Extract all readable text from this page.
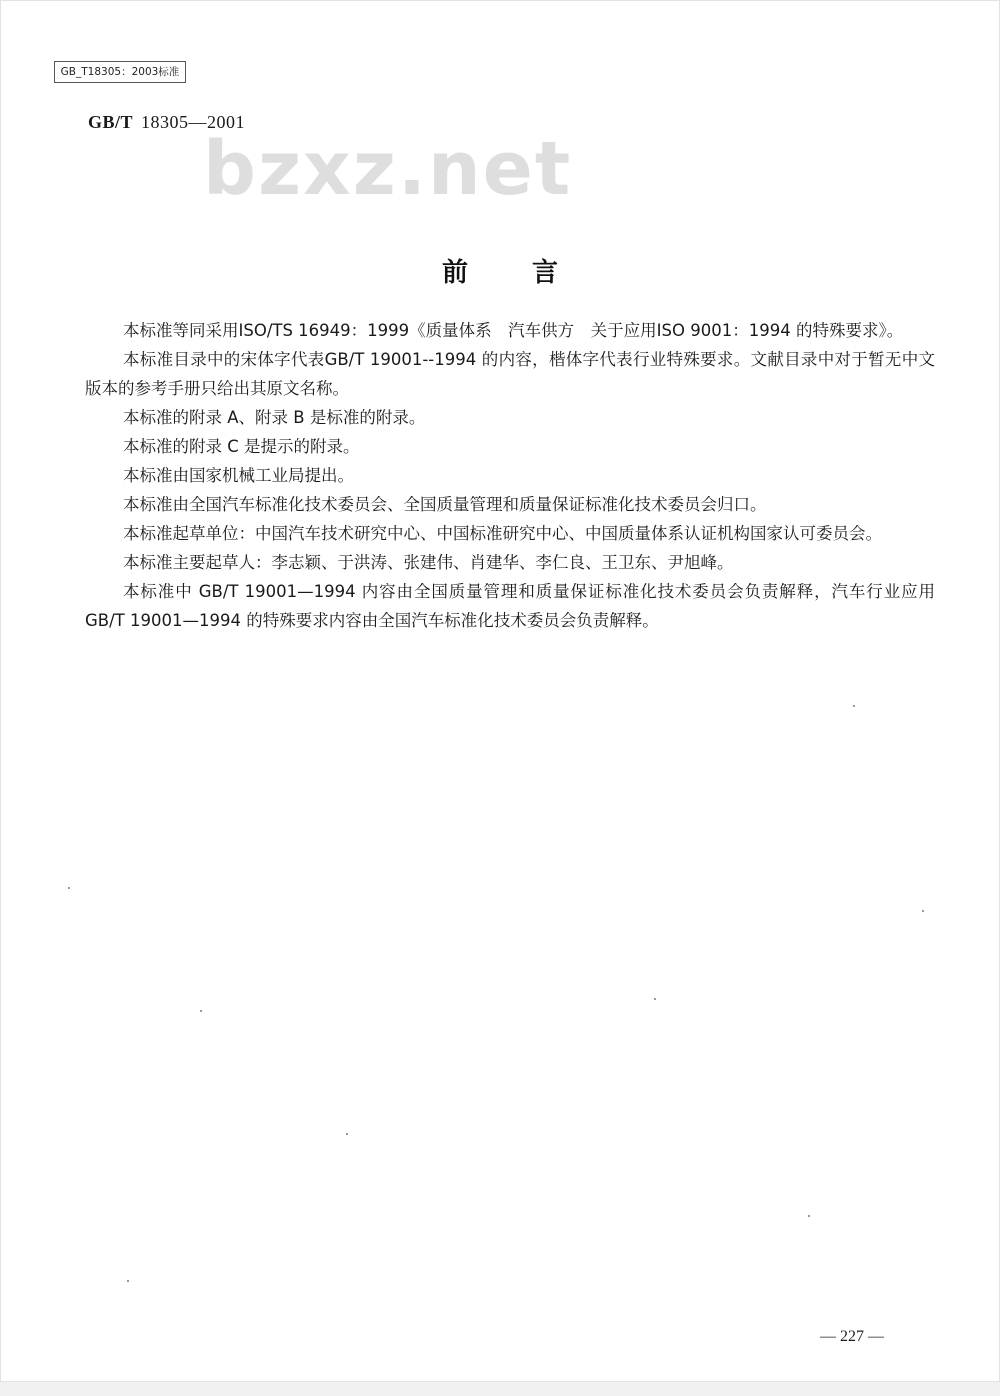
GB_T18305：2003标准
GB/T 18305—2001
bzxz.net
前言

本标准等同采用ISO/TS 16949：1999《质量体系　汽车供方　关于应用ISO 9001：1994 的特殊要求》。

本标准目录中的宋体字代表GB/T 19001--1994 的内容，楷体字代表行业特殊要求。文献目录中对于暂无中文版本的参考手册只给出其原文名称。

本标准的附录 A、附录 B 是标准的附录。

本标准的附录 C 是提示的附录。

本标准由国家机械工业局提出。

本标准由全国汽车标准化技术委员会、全国质量管理和质量保证标准化技术委员会归口。

本标准起草单位：中国汽车技术研究中心、中国标准研究中心、中国质量体系认证机构国家认可委员会。

本标准主要起草人：李志颖、于洪涛、张建伟、肖建华、李仁良、王卫东、尹旭峰。

本标准中 GB/T 19001—1994 内容由全国质量管理和质量保证标准化技术委员会负责解释，汽车行业应用 GB/T 19001—1994 的特殊要求内容由全国汽车标准化技术委员会负责解释。

— 227 —
